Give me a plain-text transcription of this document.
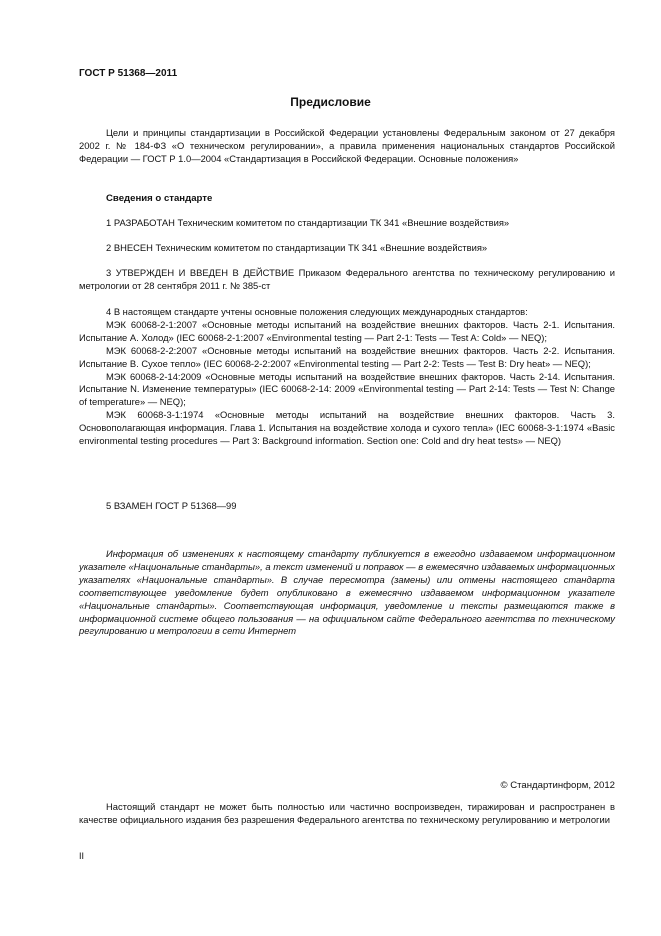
ГОСТ Р 51368—2011
Предисловие
Цели и принципы стандартизации в Российской Федерации установлены Федеральным законом от 27 декабря 2002 г. № 184-ФЗ «О техническом регулировании», а правила применения национальных стандартов Российской Федерации — ГОСТ Р 1.0—2004 «Стандартизация в Российской Федерации. Основные положения»
Сведения о стандарте
1 РАЗРАБОТАН Техническим комитетом по стандартизации ТК 341 «Внешние воздействия»
2 ВНЕСЕН Техническим комитетом по стандартизации ТК 341 «Внешние воздействия»
3 УТВЕРЖДЕН И ВВЕДЕН В ДЕЙСТВИЕ Приказом Федерального агентства по техническому регулированию и метрологии от 28 сентября 2011 г. № 385-ст

4 В настоящем стандарте учтены основные положения следующих международных стандартов:

МЭК 60068-2-1:2007 «Основные методы испытаний на воздействие внешних факторов. Часть 2-1. Испытания. Испытание А. Холод» (IEC 60068-2-1:2007 «Environmental testing — Part 2-1: Tests — Test A: Cold» — NEQ);

МЭК 60068-2-2:2007 «Основные методы испытаний на воздействие внешних факторов. Часть 2-2. Испытания. Испытание В. Сухое тепло» (IEC 60068-2-2:2007 «Environmental testing — Part 2-2: Tests — Test B: Dry heat» — NEQ);

МЭК 60068-2-14:2009 «Основные методы испытаний на воздействие внешних факторов. Часть 2-14. Испытания. Испытание N. Изменение температуры» (IEC 60068-2-14: 2009 «Environmental testing — Part 2-14: Tests — Test N: Change of temperature» — NEQ);

МЭК 60068-3-1:1974 «Основные методы испытаний на воздействие внешних факторов. Часть 3. Основополагающая информация. Глава 1. Испытания на воздействие холода и сухого тепла» (IEC 60068-3-1:1974 «Basic environmental testing procedures — Part 3: Background information. Section one: Cold and dry heat tests» — NEQ)

5 ВЗАМЕН ГОСТ Р 51368—99
Информация об изменениях к настоящему стандарту публикуется в ежегодно издаваемом информационном указателе «Национальные стандарты», а текст изменений и поправок — в ежемесячно издаваемых информационных указателях «Национальные стандарты». В случае пересмотра (замены) или отмены настоящего стандарта соответствующее уведомление будет опубликовано в ежемесячно издаваемом информационном указателе «Национальные стандарты». Соответствующая информация, уведомление и тексты размещаются также в информационной системе общего пользования — на официальном сайте Федерального агентства по техническому регулированию и метрологии в сети Интернет
© Стандартинформ, 2012
Настоящий стандарт не может быть полностью или частично воспроизведен, тиражирован и распространен в качестве официального издания без разрешения Федерального агентства по техническому регулированию и метрологии
II
